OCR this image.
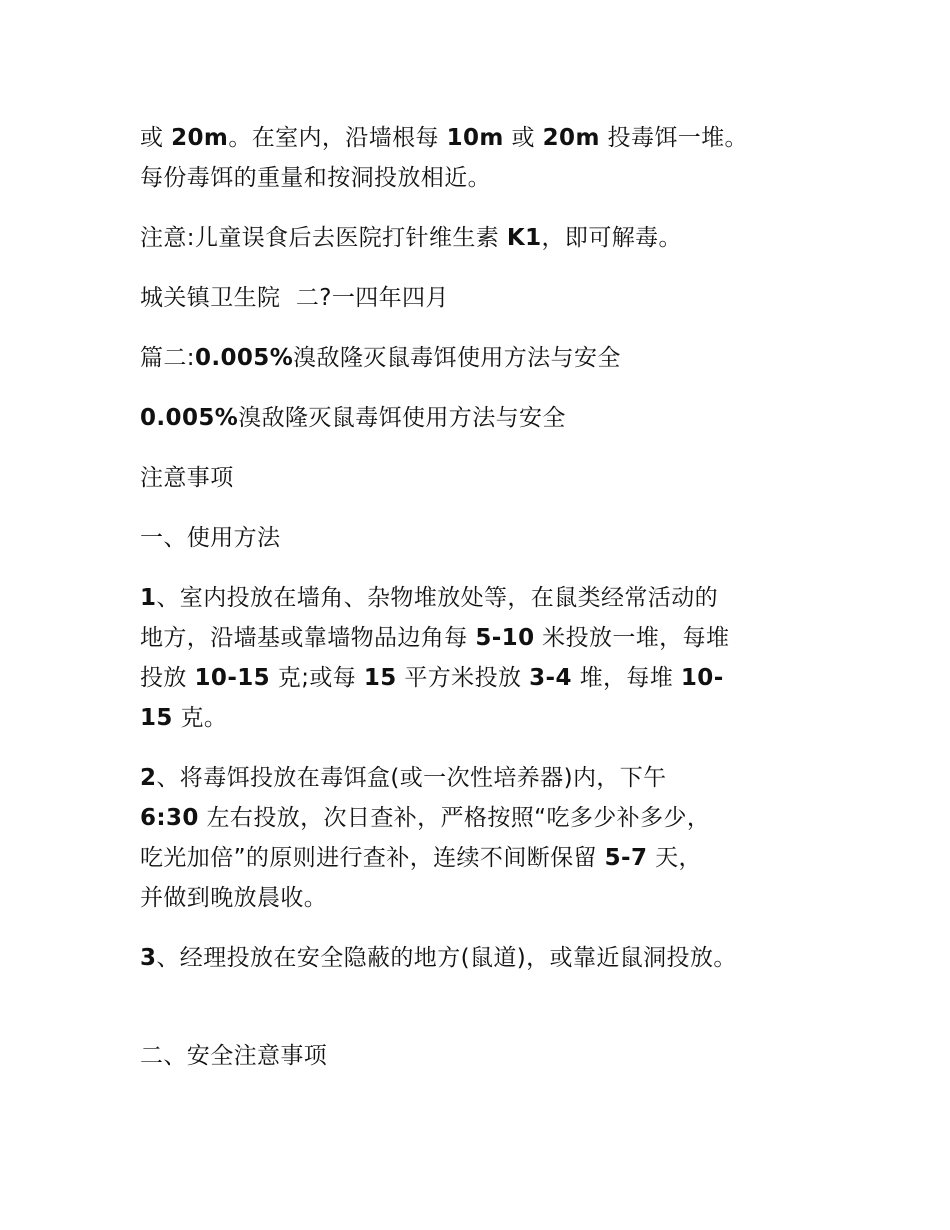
或 20m。在室内，沿墙根每 10m 或 20m 投毒饵一堆。
每份毒饵的重量和按洞投放相近。

注意:儿童误食后去医院打针维生素 K1，即可解毒。

城关镇卫生院  二?一四年四月

篇二:0.005%溴敌隆灭鼠毒饵使用方法与安全

0.005%溴敌隆灭鼠毒饵使用方法与安全

注意事项

一、使用方法

1、室内投放在墙角、杂物堆放处等，在鼠类经常活动的
地方，沿墙基或靠墙物品边角每 5-10 米投放一堆，每堆
投放 10-15 克;或每 15 平方米投放 3-4 堆，每堆 10-
15 克。

2、将毒饵投放在毒饵盒(或一次性培养器)内，下午
6:30 左右投放，次日查补，严格按照“吃多少补多少，
吃光加倍”的原则进行查补，连续不间断保留 5-7 天，
并做到晚放晨收。

3、经理投放在安全隐蔽的地方(鼠道)，或靠近鼠洞投放。

二、安全注意事项
